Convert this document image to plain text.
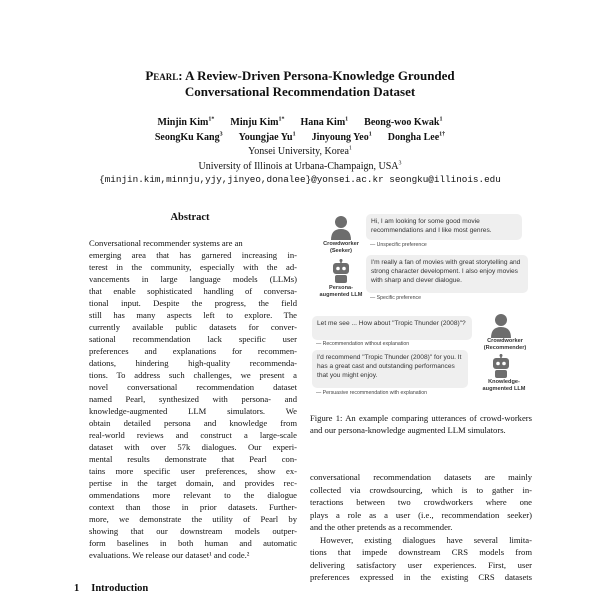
Pearl: A Review-Driven Persona-Knowledge Grounded
Conversational Recommendation Dataset
Minjin Kim$^{1*}$ Minju Kim$^{1*}$ Hana Kim$^1$ Beong-woo Kwak$^1$
SeongKu Kang$^3$ Youngjae Yu$^1$ Jinyoung Yeo$^1$ Dongha Lee$^{1\dagger}$
Yonsei University, Korea$^1$
University of Illinois at Urbana-Champaign, USA$^3$
{minjin.kim,minnju,yjy,jinyeo,donalee}@yonsei.ac.kr seongku@illinois.edu
Abstract
Conversational recommender systems are an
emerging area that has garnered increasing in-
terest in the community, especially with the ad-
vancements in large language models (LLMs)
that enable sophisticated handling of conversa-
tional input. Despite the progress, the field
still has many aspects left to explore. The
currently available public datasets for conver-
sational recommendation lack specific user
preferences and explanations for recommen-
dations, hindering high-quality recommenda-
tions. To address such challenges, we present a
novel conversational recommendation dataset
named Pearl, synthesized with persona- and
knowledge-augmented LLM simulators. We
obtain detailed persona and knowledge from
real-world reviews and construct a large-scale
dataset with over 57k dialogues. Our experi-
mental results demonstrate that Pearl con-
tains more specific user preferences, show ex-
pertise in the target domain, and provides rec-
ommendations more relevant to the dialogue
context than those in prior datasets. Further-
more, we demonstrate the utility of Pearl by
showing that our downstream models outper-
form baselines in both human and automatic
evaluations. We release our dataset¹ and code.²
1 Introduction
Crowdworker
(Seeker)
Persona-
augmented LLM
Hi, I am looking for some good movie recommendations and I like most genres.
— Unspecific preference
I'm really a fan of movies with great storytelling and strong character development. I also enjoy movies with sharp and clever dialogue.
— Specific preference
Let me see ... How about "Tropic Thunder (2008)"?
— Recommendation without explanation
I'd recommend "Tropic Thunder (2008)" for you. It has a great cast and outstanding performances that you might enjoy.
— Persuasive recommendation with explanation
Crowdworker
(Recommender)
Knowledge-
augmented LLM
Figure 1: An example comparing utterances of crowd-workers and our persona-knowledge augmented LLM simulators.
conversational recommendation datasets are mainly
collected via crowdsourcing, which is to gather in-
teractions between two crowdworkers where one
plays a role as a user (i.e., recommendation seeker)
and the other pretends as a recommender.
However, existing dialogues have several limita-
tions that impede downstream CRS models from
delivering satisfactory user experiences. First, user
preferences expressed in the existing CRS datasets
